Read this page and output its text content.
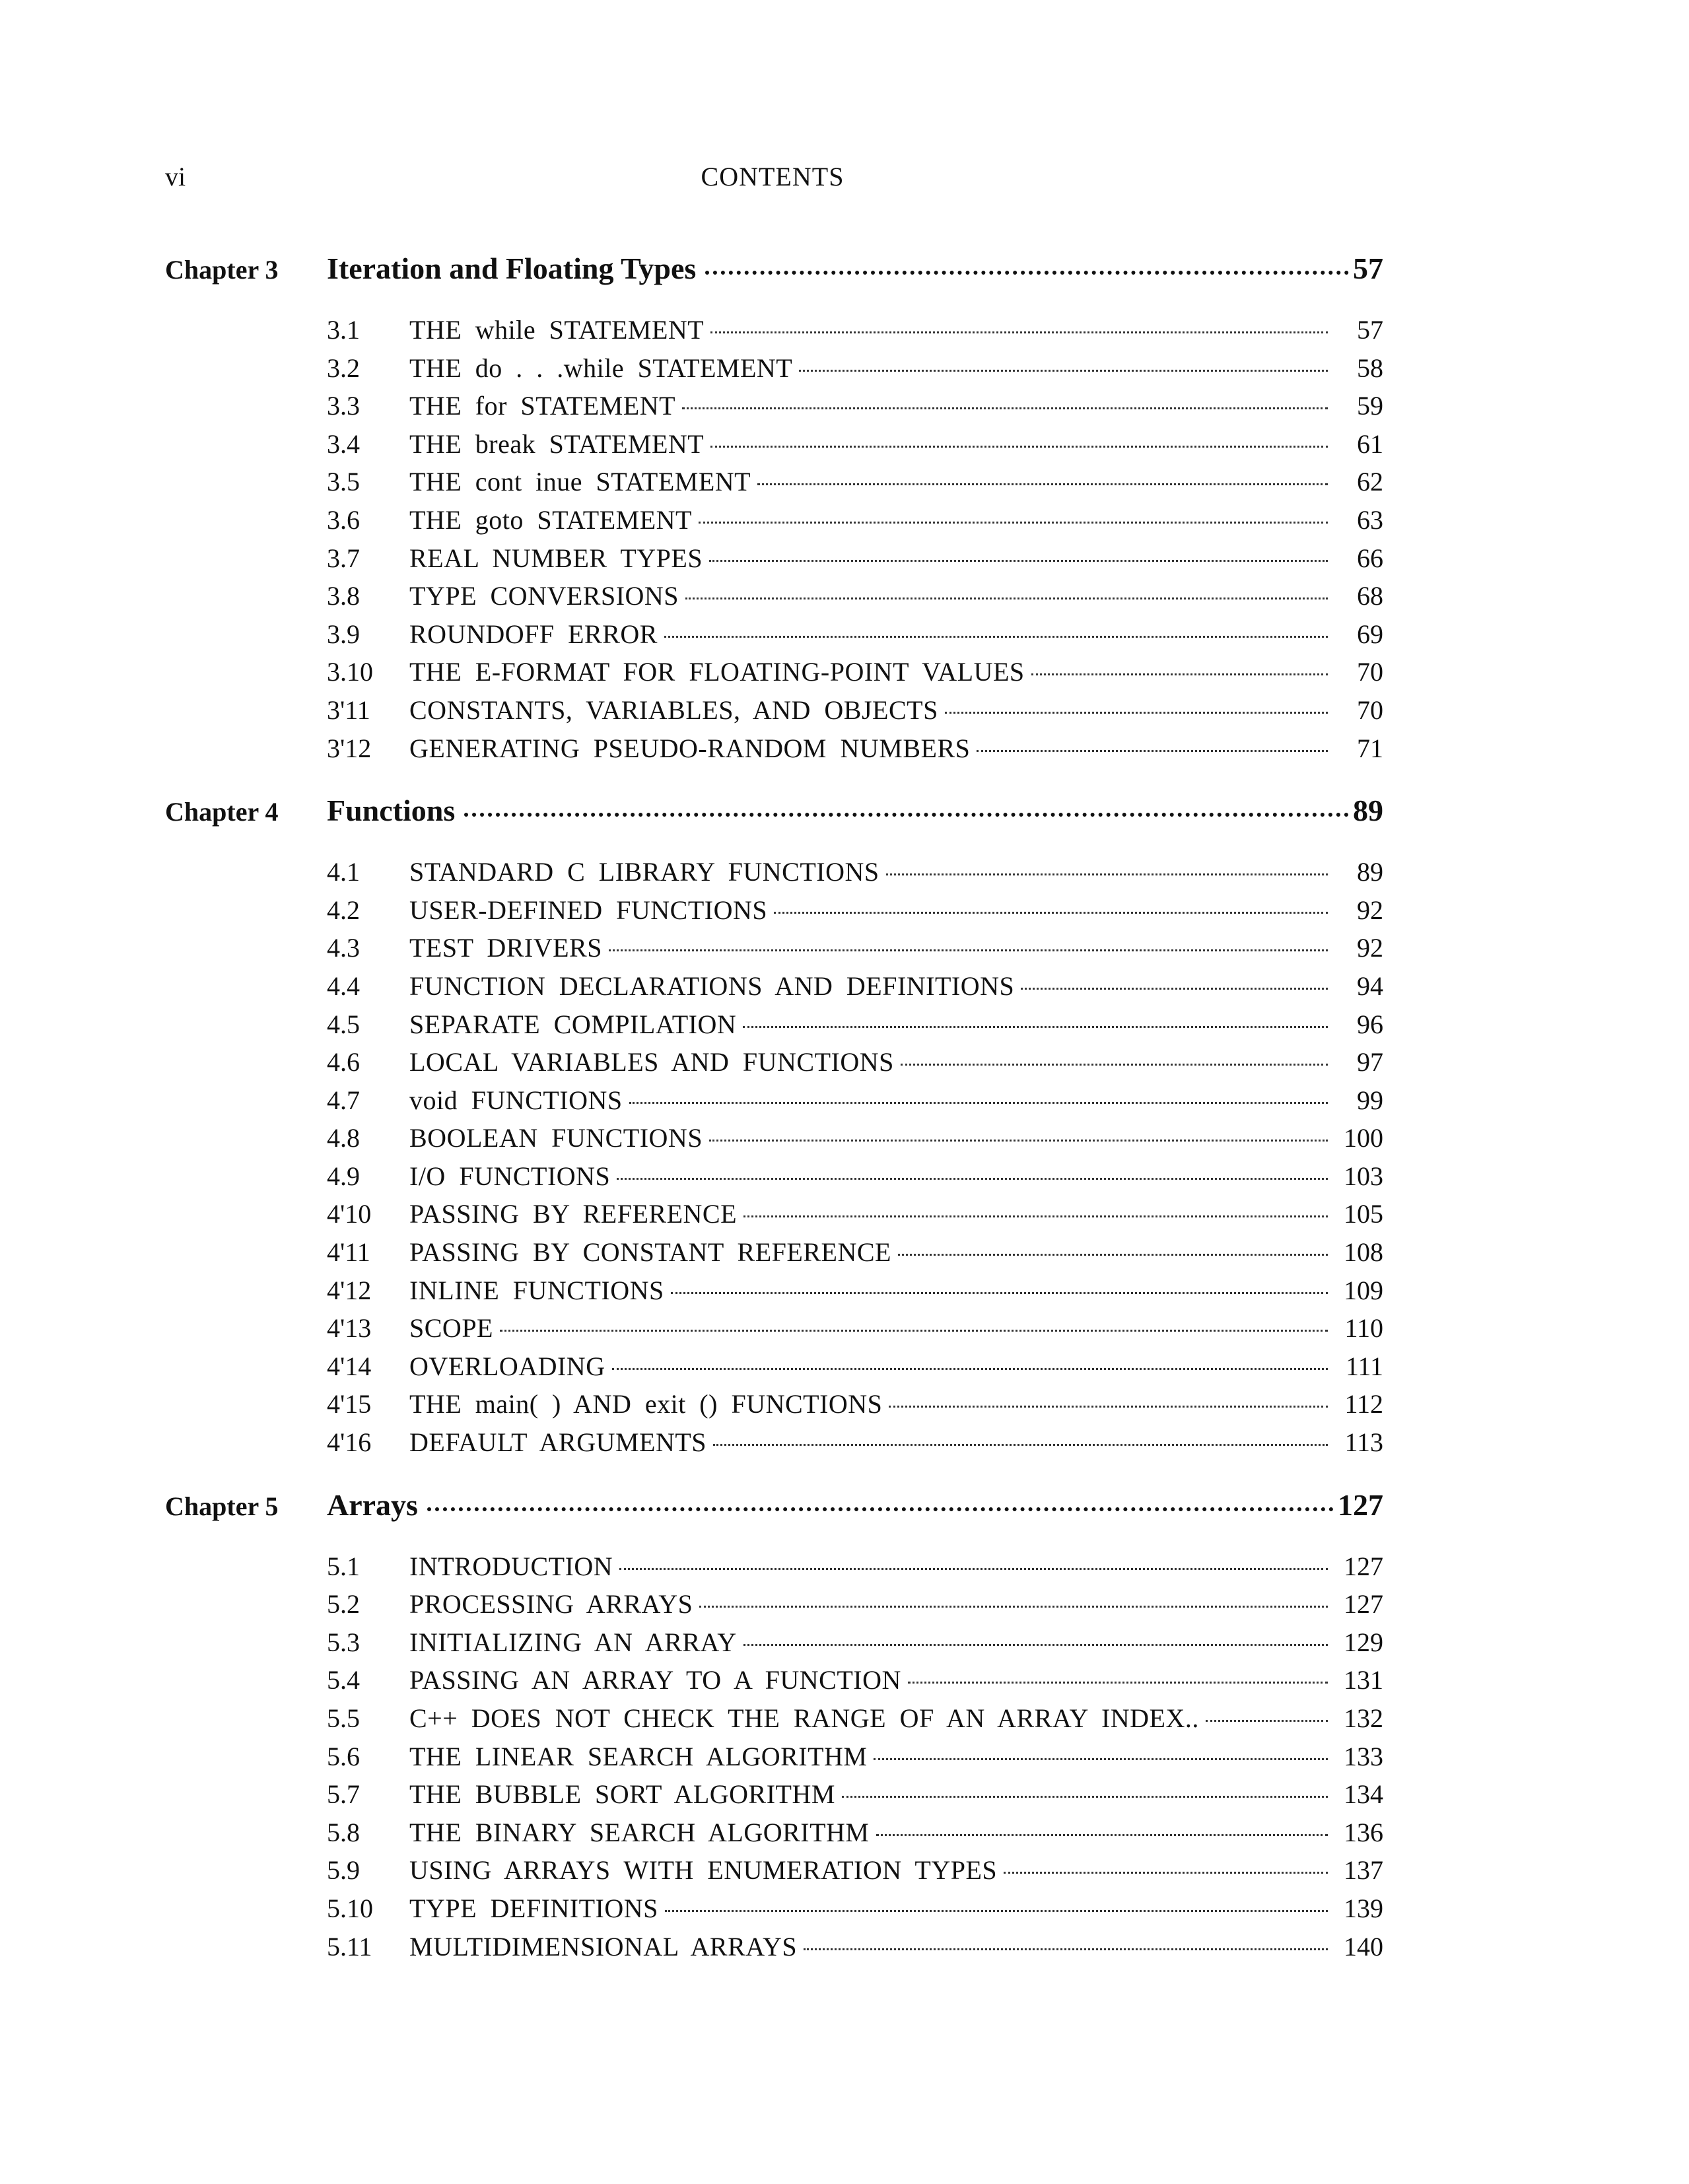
vi	CONTENTS
Chapter 3	Iteration and Floating Types	57
3.1	THE while STATEMENT	57
3.2	THE do . . .while STATEMENT	58
3.3	THE for STATEMENT	59
3.4	THE break STATEMENT	61
3.5	THE cont inue STATEMENT	62
3.6	THE goto STATEMENT	63
3.7	REAL NUMBER TYPES	66
3.8	TYPE CONVERSIONS	68
3.9	ROUNDOFF ERROR	69
3.10	THE E-FORMAT FOR FLOATING-POINT VALUES	70
3'11	CONSTANTS, VARIABLES, AND OBJECTS	70
3'12	GENERATING PSEUDO-RANDOM NUMBERS	71
Chapter 4	Functions	89
4.1	STANDARD C LIBRARY FUNCTIONS	89
4.2	USER-DEFINED FUNCTIONS	92
4.3	TEST DRIVERS	92
4.4	FUNCTION DECLARATIONS AND DEFINITIONS	94
4.5	SEPARATE COMPILATION	96
4.6	LOCAL VARIABLES AND FUNCTIONS	97
4.7	void FUNCTIONS	99
4.8	BOOLEAN FUNCTIONS	100
4.9	I/O FUNCTIONS	103
4'10	PASSING BY REFERENCE	105
4'11	PASSING BY CONSTANT REFERENCE	108
4'12	INLINE FUNCTIONS	109
4'13	SCOPE	110
4'14	OVERLOADING	111
4'15	THE main( ) AND exit () FUNCTIONS	112
4'16	DEFAULT ARGUMENTS	113
Chapter 5	Arrays	127
5.1	INTRODUCTION	127
5.2	PROCESSING ARRAYS	127
5.3	INITIALIZING AN ARRAY	129
5.4	PASSING AN ARRAY TO A FUNCTION	131
5.5	C++ DOES NOT CHECK THE RANGE OF AN ARRAY INDEX..	132
5.6	THE LINEAR SEARCH ALGORITHM	133
5.7	THE BUBBLE SORT ALGORITHM	134
5.8	THE BINARY SEARCH ALGORITHM	136
5.9	USING ARRAYS WITH ENUMERATION TYPES	137
5.10	TYPE DEFINITIONS	139
5.11	MULTIDIMENSIONAL ARRAYS	140
